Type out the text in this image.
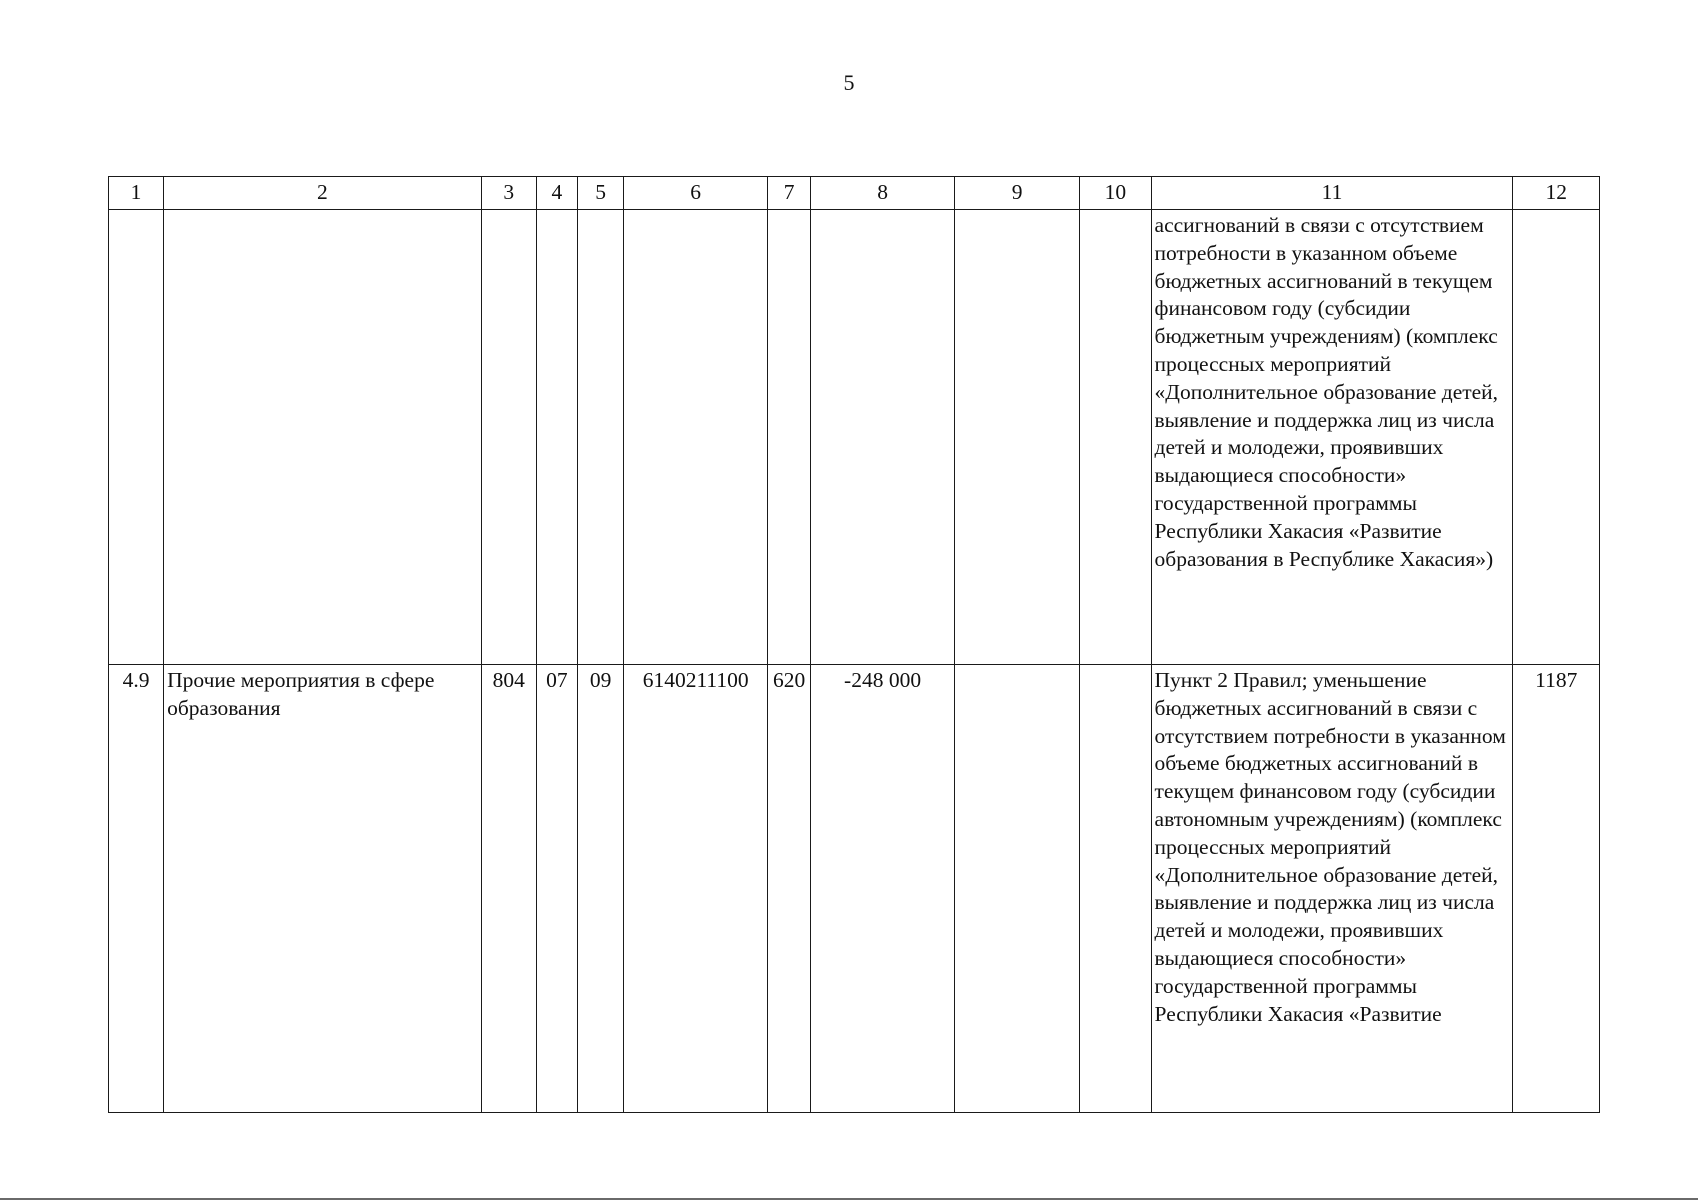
5
1	2	3	4	5	6	7	8	9	10	11	12
										ассигнований в связи с отсутствием потребности в указанном объеме бюджетных ассигнований в текущем финансовом году (субсидии бюджетным учреждениям) (комплекс процессных мероприятий «Дополнительное образование детей, выявление и поддержка лиц из числа детей и молодежи, проявивших выдающиеся способности» государственной программы Республики Хакасия «Развитие образования в Республике Хакасия»)	
4.9	Прочие мероприятия в сфере образования	804	07	09	6140211100	620	-248 000			Пункт 2 Правил; уменьшение бюджетных ассигнований в связи с отсутствием потребности в указанном объеме бюджетных ассигнований в текущем финансовом году (субсидии автономным учреждениям) (комплекс процессных мероприятий «Дополнительное образование детей, выявление и поддержка лиц из числа детей и молодежи, проявивших выдающиеся способности» государственной программы Республики Хакасия «Развитие	1187
